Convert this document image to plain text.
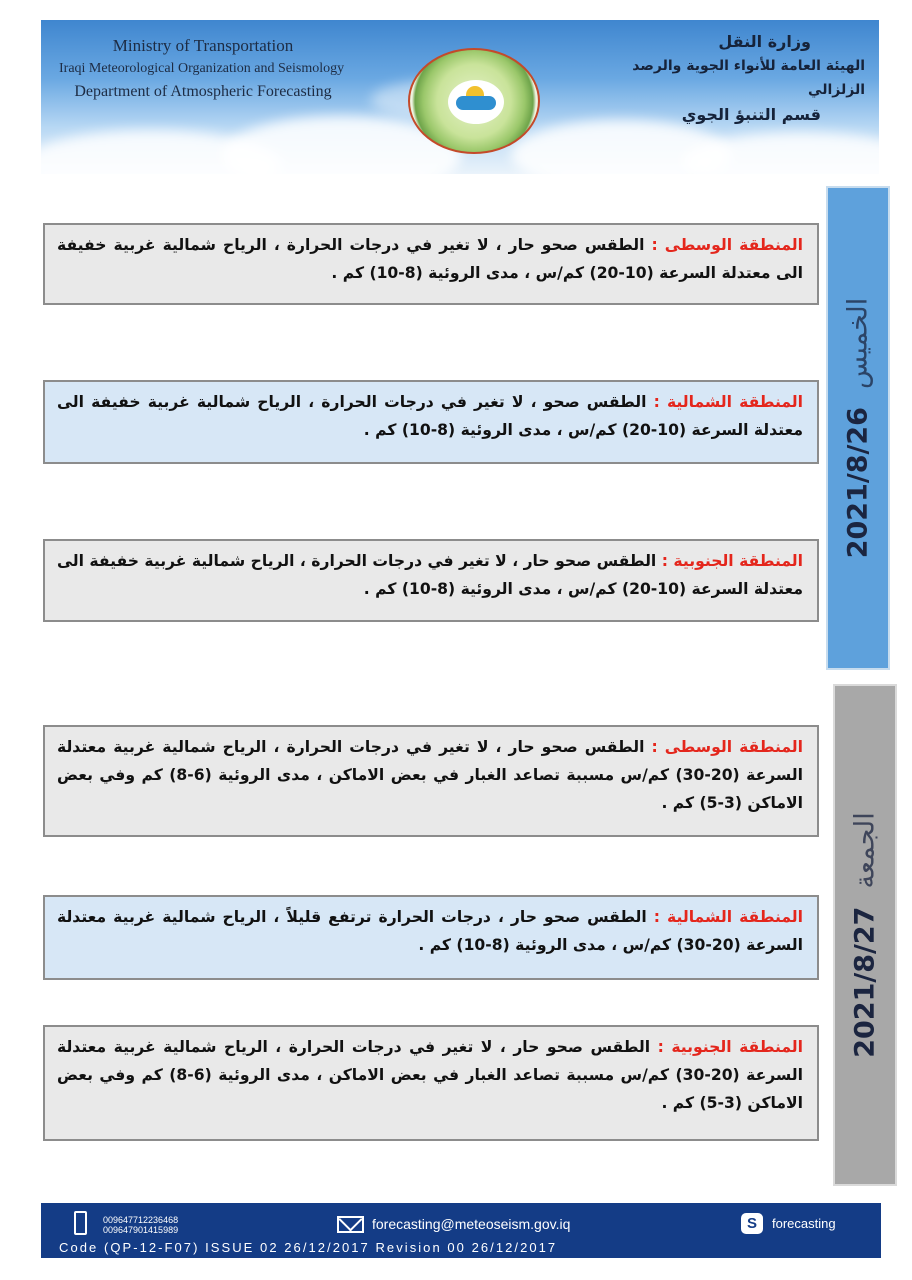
Ministry of Transportation
Iraqi Meteorological Organization and Seismology
Department of Atmospheric Forecasting
وزارة النقل
الهيئة العامة للأنواء الجوية والرصد الزلزالي
قسم التنبؤ الجوي
الخميس2021/8/26
الجمعة2021/8/27
المنطقة الوسطى : الطقس صحو حار ، لا تغير في درجات الحرارة ، الرياح شمالية غربية خفيفة الى معتدلة السرعة (10-20) كم/س ، مدى الروئية (8-10) كم .
المنطقة الشمالية : الطقس صحو ، لا تغير في درجات الحرارة ، الرياح شمالية غربية خفيفة الى معتدلة السرعة (10-20) كم/س ، مدى الروئية (8-10) كم .
المنطقة الجنوبية : الطقس صحو حار ، لا تغير في درجات الحرارة ، الرياح شمالية غربية خفيفة الى معتدلة السرعة (10-20) كم/س ، مدى الروئية (8-10) كم .
المنطقة الوسطى : الطقس صحو حار ، لا تغير في درجات الحرارة ، الرياح شمالية غربية معتدلة السرعة (20-30) كم/س مسببة تصاعد الغبار في بعض الاماكن ، مدى الروئية (6-8) كم وفي بعض الاماكن (3-5) كم .
المنطقة الشمالية : الطقس صحو حار ، درجات الحرارة ترتفع قليلاً ، الرياح شمالية غربية معتدلة السرعة (20-30) كم/س ، مدى الروئية (8-10) كم .
المنطقة الجنوبية : الطقس صحو حار ، لا تغير في درجات الحرارة ، الرياح شمالية غربية معتدلة السرعة (20-30) كم/س مسببة تصاعد الغبار في بعض الاماكن ، مدى الروئية (6-8) كم وفي بعض الاماكن (3-5) كم .
009647712236468
009647901415989	forecasting@meteoseism.gov.iq	S	forecasting
Code (QP-12-F07) ISSUE 02 26/12/2017 Revision 00 26/12/2017
